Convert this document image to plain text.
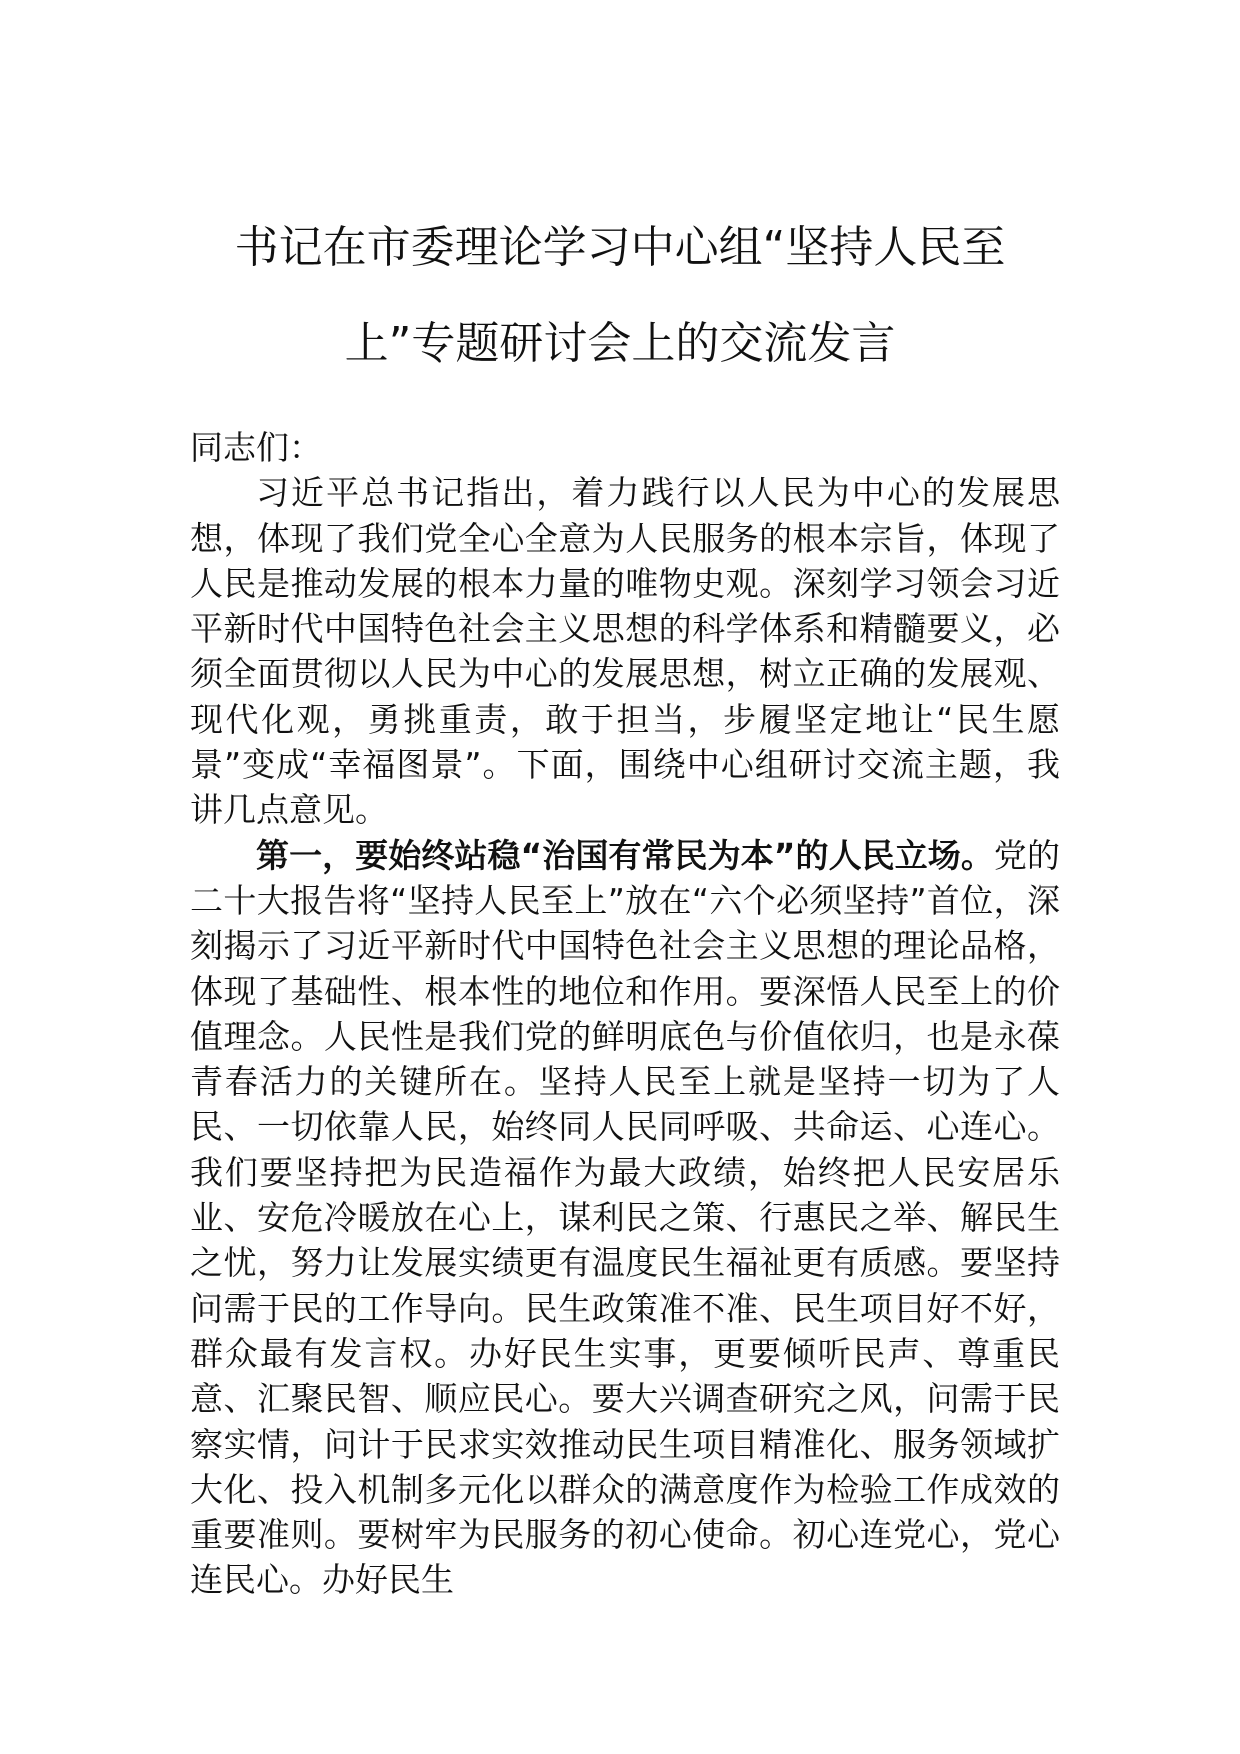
书记在市委理论学习中心组“坚持人民至
上”专题研讨会上的交流发言

同志们：

习近平总书记指出，着力践行以人民为中心的发展思想，体现了我们党全心全意为人民服务的根本宗旨，体现了人民是推动发展的根本力量的唯物史观。深刻学习领会习近平新时代中国特色社会主义思想的科学体系和精髓要义，必须全面贯彻以人民为中心的发展思想，树立正确的发展观、现代化观，勇挑重责，敢于担当，步履坚定地让“民生愿景”变成“幸福图景”。下面，围绕中心组研讨交流主题，我讲几点意见。

第一，要始终站稳“治国有常民为本”的人民立场。党的二十大报告将“坚持人民至上”放在“六个必须坚持”首位，深刻揭示了习近平新时代中国特色社会主义思想的理论品格，体现了基础性、根本性的地位和作用。要深悟人民至上的价值理念。人民性是我们党的鲜明底色与价值依归，也是永葆青春活力的关键所在。坚持人民至上就是坚持一切为了人民、一切依靠人民，始终同人民同呼吸、共命运、心连心。我们要坚持把为民造福作为最大政绩，始终把人民安居乐业、安危冷暖放在心上，谋利民之策、行惠民之举、解民生之忧，努力让发展实绩更有温度民生福祉更有质感。要坚持问需于民的工作导向。民生政策准不准、民生项目好不好，群众最有发言权。办好民生实事，更要倾听民声、尊重民意、汇聚民智、顺应民心。要大兴调查研究之风，问需于民察实情，问计于民求实效推动民生项目精准化、服务领域扩大化、投入机制多元化以群众的满意度作为检验工作成效的重要准则。要树牢为民服务的初心使命。初心连党心，党心连民心。办好民生
